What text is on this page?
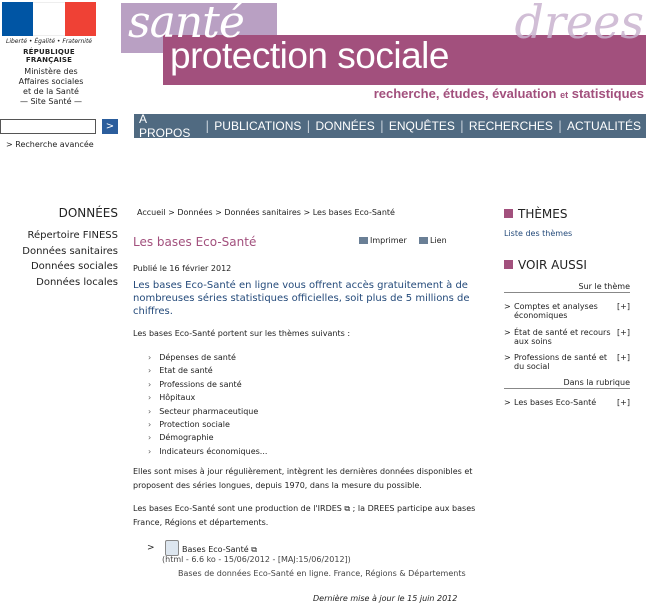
Liberté • Égalité • Fraternité
RÉPUBLIQUE FRANÇAISE
Ministère des
Affaires sociales
et de la Santé
— Site Santé —
santé
protection sociale
drees
recherche, études, évaluation et statistiques
>
> Recherche avancée
À PROPOS	| PUBLICATIONS | DONNÉES | ENQUÊTES | RECHERCHES | ACTUALITÉS
DONNÉES
Répertoire FINESS
Données sanitaires
Données sociales
Données locales
Accueil > Données > Données sanitaires > Les bases Eco-Santé
Les bases Eco-Santé	Imprimer	Lien
Publié le 16 février 2012
Les bases Eco-Santé en ligne vous offrent accès gratuitement à de nombreuses séries statistiques officielles, soit plus de 5 millions de chiffres.
Les bases Eco-Santé portent sur les thèmes suivants :
› Dépenses de santé
› Etat de santé
› Professions de santé
› Hôpitaux
› Secteur pharmaceutique
› Protection sociale
› Démographie
› Indicateurs économiques...
Elles sont mises à jour régulièrement, intègrent les dernières données disponibles et proposent des séries longues, depuis 1970, dans la mesure du possible.
Les bases Eco-Santé sont une production de l'IRDES ⧉ ; la DREES participe aux bases France, Régions et départements.
>	Bases Eco-Santé ⧉
(html - 6.6 ko - 15/06/2012 - [MAJ:15/06/2012])
Bases de données Eco-Santé en ligne. France, Régions & Départements
Dernière mise à jour le 15 juin 2012
THÈMES
Liste des thèmes
VOIR AUSSI
Sur le thème
> Comptes et analyses économiques
[+]
> État de santé et recours aux soins
[+]
> Professions de santé et du social
[+]
Dans la rubrique
> Les bases Eco-Santé	[+]
